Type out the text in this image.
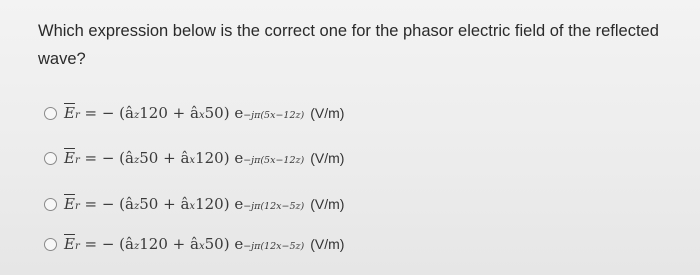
Which expression below is the correct one for the phasor electric field of the reflected wave?
$\overline{E}$ r = − ( â z 120 + â x 50) e −jπ(5x−12z) (V/m)
$\overline{E}$ r = − ( â z 50 + â x 120) e −jπ(5x−12z) (V/m)
$\overline{E}$ r = − ( â z 50 + â x 120) e −jπ(12x−5z) (V/m)
$\overline{E}$ r = − ( â z 120 + â x 50) e −jπ(12x−5z) (V/m)
